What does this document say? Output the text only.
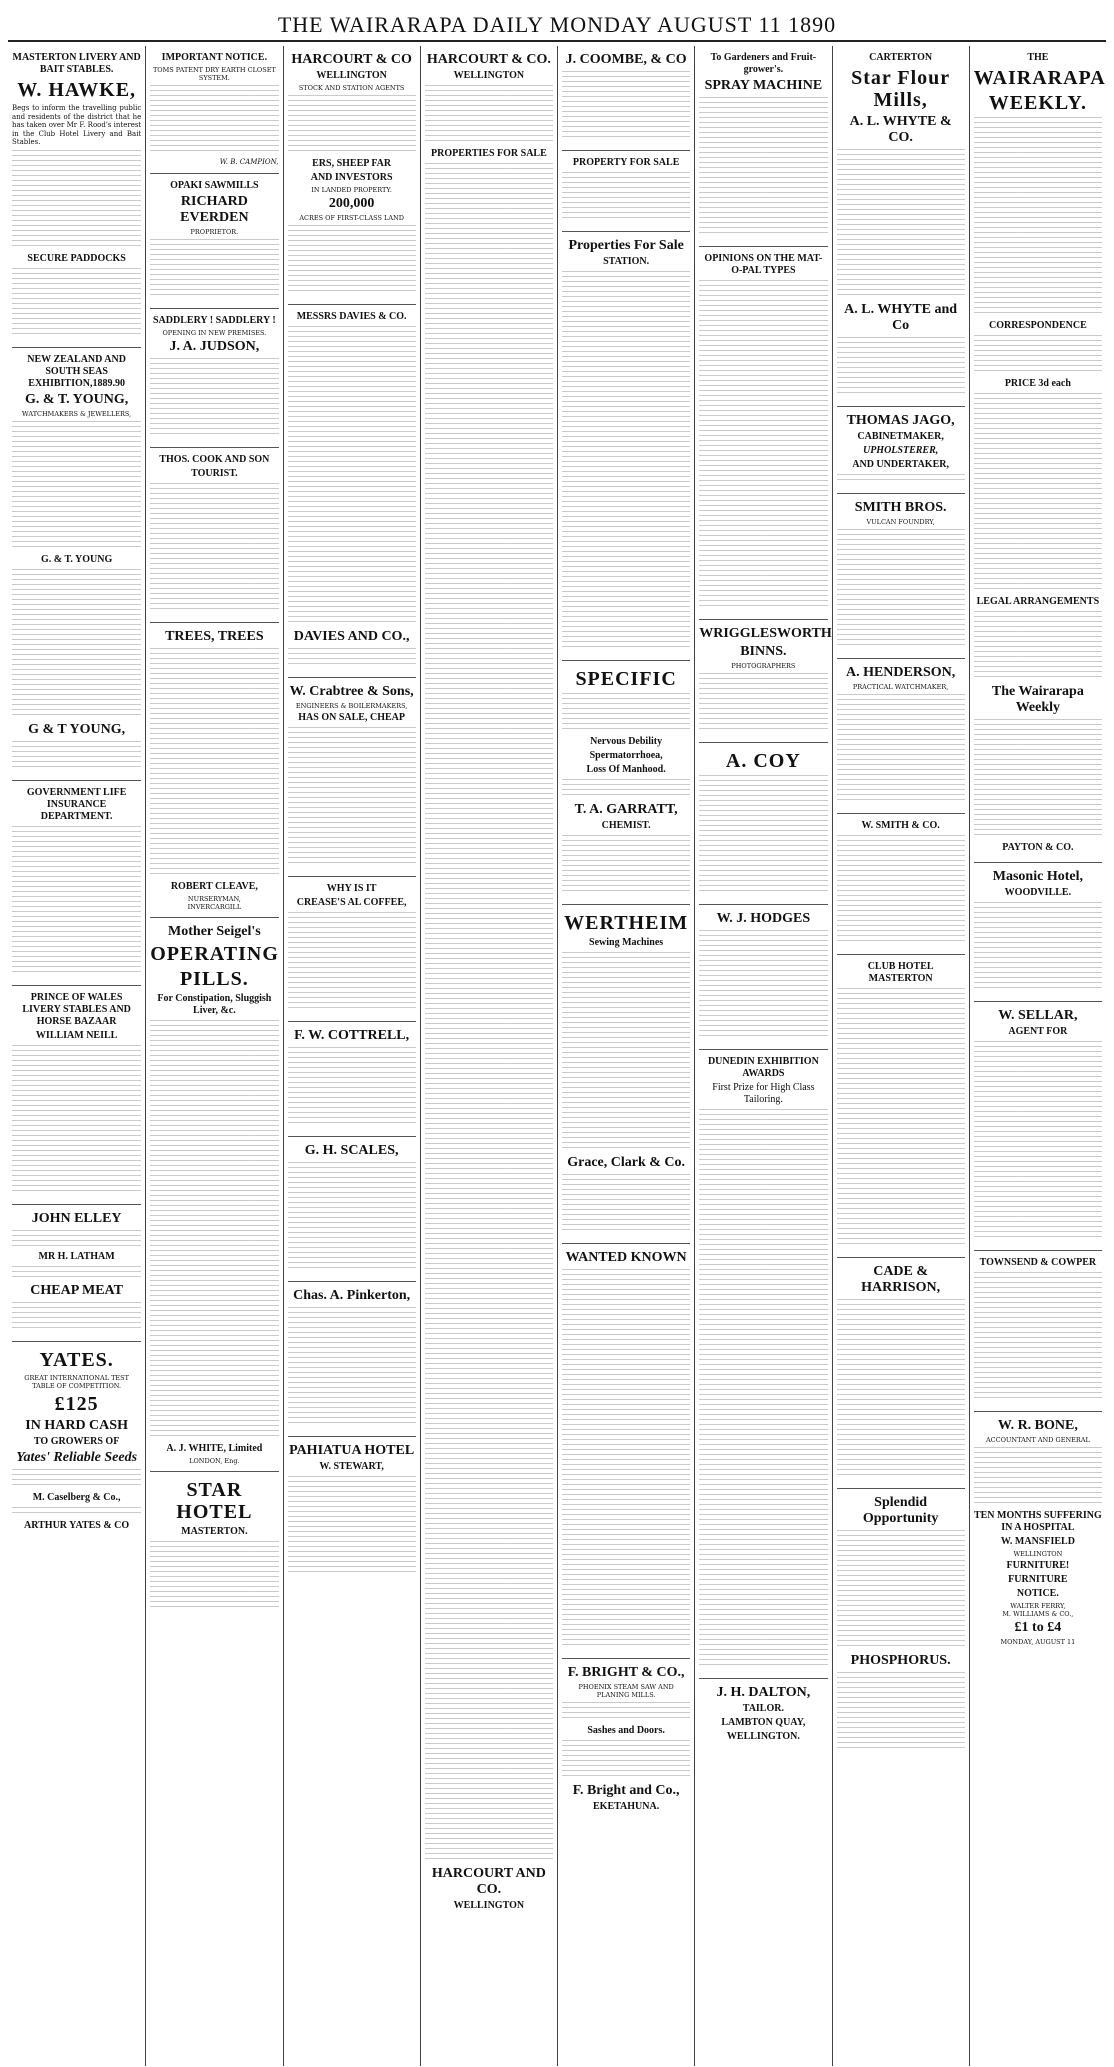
THE WAIRARAPA DAILY MONDAY AUGUST 11 1890
MASTERTON LIVERY AND BAIT STABLES.
W. HAWKE,

Begs to inform the travelling public and residents of the district that he has taken over Mr F. Rood's interest in the Club Hotel Livery and Bait Stables.

SECURE PADDOCKS
NEW ZEALAND AND SOUTH SEAS EXHIBITION,1889.90
G. & T. YOUNG,
WATCHMAKERS & JEWELLERS,
G. & T. YOUNG
G & T YOUNG,
GOVERNMENT LIFE INSURANCE DEPARTMENT.
PRINCE OF WALES LIVERY STABLES AND HORSE BAZAAR
WILLIAM NEILL
JOHN ELLEY
MR H. LATHAM
CHEAP MEAT
YATES.
GREAT INTERNATIONAL TEST TABLE OF COMPETITION.
£125
IN HARD CASH
TO GROWERS OF
Yates' Reliable Seeds
M. Caselberg & Co.,
ARTHUR YATES & CO
IMPORTANT NOTICE.
TOMS PATENT DRY EARTH CLOSET SYSTEM.
W. B. CAMPION,
OPAKI SAWMILLS
RICHARD EVERDEN
PROPRIETOR.
SADDLERY ! SADDLERY !
OPENING IN NEW PREMISES.
J. A. JUDSON,
THOS. COOK AND SON
TOURIST.
TREES, TREES
ROBERT CLEAVE,
NURSERYMAN,
INVERCARGILL
Mother Seigel's
OPERATING
PILLS.
For Constipation, Sluggish Liver, &c.
A. J. WHITE, Limited
LONDON, Eng.
STAR HOTEL
MASTERTON.
HARCOURT & CO
WELLINGTON
STOCK AND STATION AGENTS
ERS, SHEEP FAR
AND INVESTORS
IN LANDED PROPERTY.
200,000
ACRES OF FIRST-CLASS LAND
MESSRS DAVIES & CO.
DAVIES AND CO.,
W. Crabtree & Sons,
ENGINEERS & BOILERMAKERS,
HAS ON SALE, CHEAP
WHY IS IT
CREASE'S AL COFFEE,
F. W. COTTRELL,
G. H. SCALES,
Chas. A. Pinkerton,
PAHIATUA HOTEL
W. STEWART,
HARCOURT & CO.
WELLINGTON
PROPERTIES FOR SALE
HARCOURT AND CO.
WELLINGTON
J. COOMBE, & CO
PROPERTY FOR SALE
Properties For Sale
STATION.
SPECIFIC
Nervous Debility
Spermatorrhoea,
Loss Of Manhood.
T. A. GARRATT,
CHEMIST.
WERTHEIM
Sewing Machines
Grace, Clark & Co.
WANTED KNOWN
F. BRIGHT & CO.,
PHOENIX STEAM SAW AND PLANING MILLS.
Sashes and Doors.
F. Bright and Co.,
EKETAHUNA.
To Gardeners and Fruit-grower's.
SPRAY MACHINE
OPINIONS ON THE MAT-O-PAL TYPES
WRIGGLESWORTH
BINNS.
PHOTOGRAPHERS
A. COY
W. J. HODGES
DUNEDIN EXHIBITION AWARDS
First Prize for High Class Tailoring.
J. H. DALTON,
TAILOR.
LAMBTON QUAY,
WELLINGTON.
CARTERTON
Star Flour Mills,
A. L. WHYTE & CO.
A. L. WHYTE and Co
THOMAS JAGO,
CABINETMAKER,
UPHOLSTERER,
AND UNDERTAKER,
SMITH BROS.
VULCAN FOUNDRY,
A. HENDERSON,
PRACTICAL WATCHMAKER,
W. SMITH & CO.
CLUB HOTEL MASTERTON
CADE & HARRISON,
Splendid Opportunity
PHOSPHORUS.
THE
WAIRARAPA
WEEKLY.
CORRESPONDENCE
PRICE 3d each
LEGAL ARRANGEMENTS
The Wairarapa Weekly
PAYTON & CO.
Masonic Hotel,
WOODVILLE.
W. SELLAR,
AGENT FOR
TOWNSEND & COWPER
W. R. BONE,
ACCOUNTANT AND GENERAL
TEN MONTHS SUFFERING IN A HOSPITAL
W. MANSFIELD
WELLINGTON
FURNITURE!
FURNITURE
NOTICE.
WALTER FERRY,
M. WILLIAMS & CO.,
£1 to £4
MONDAY, AUGUST 11
